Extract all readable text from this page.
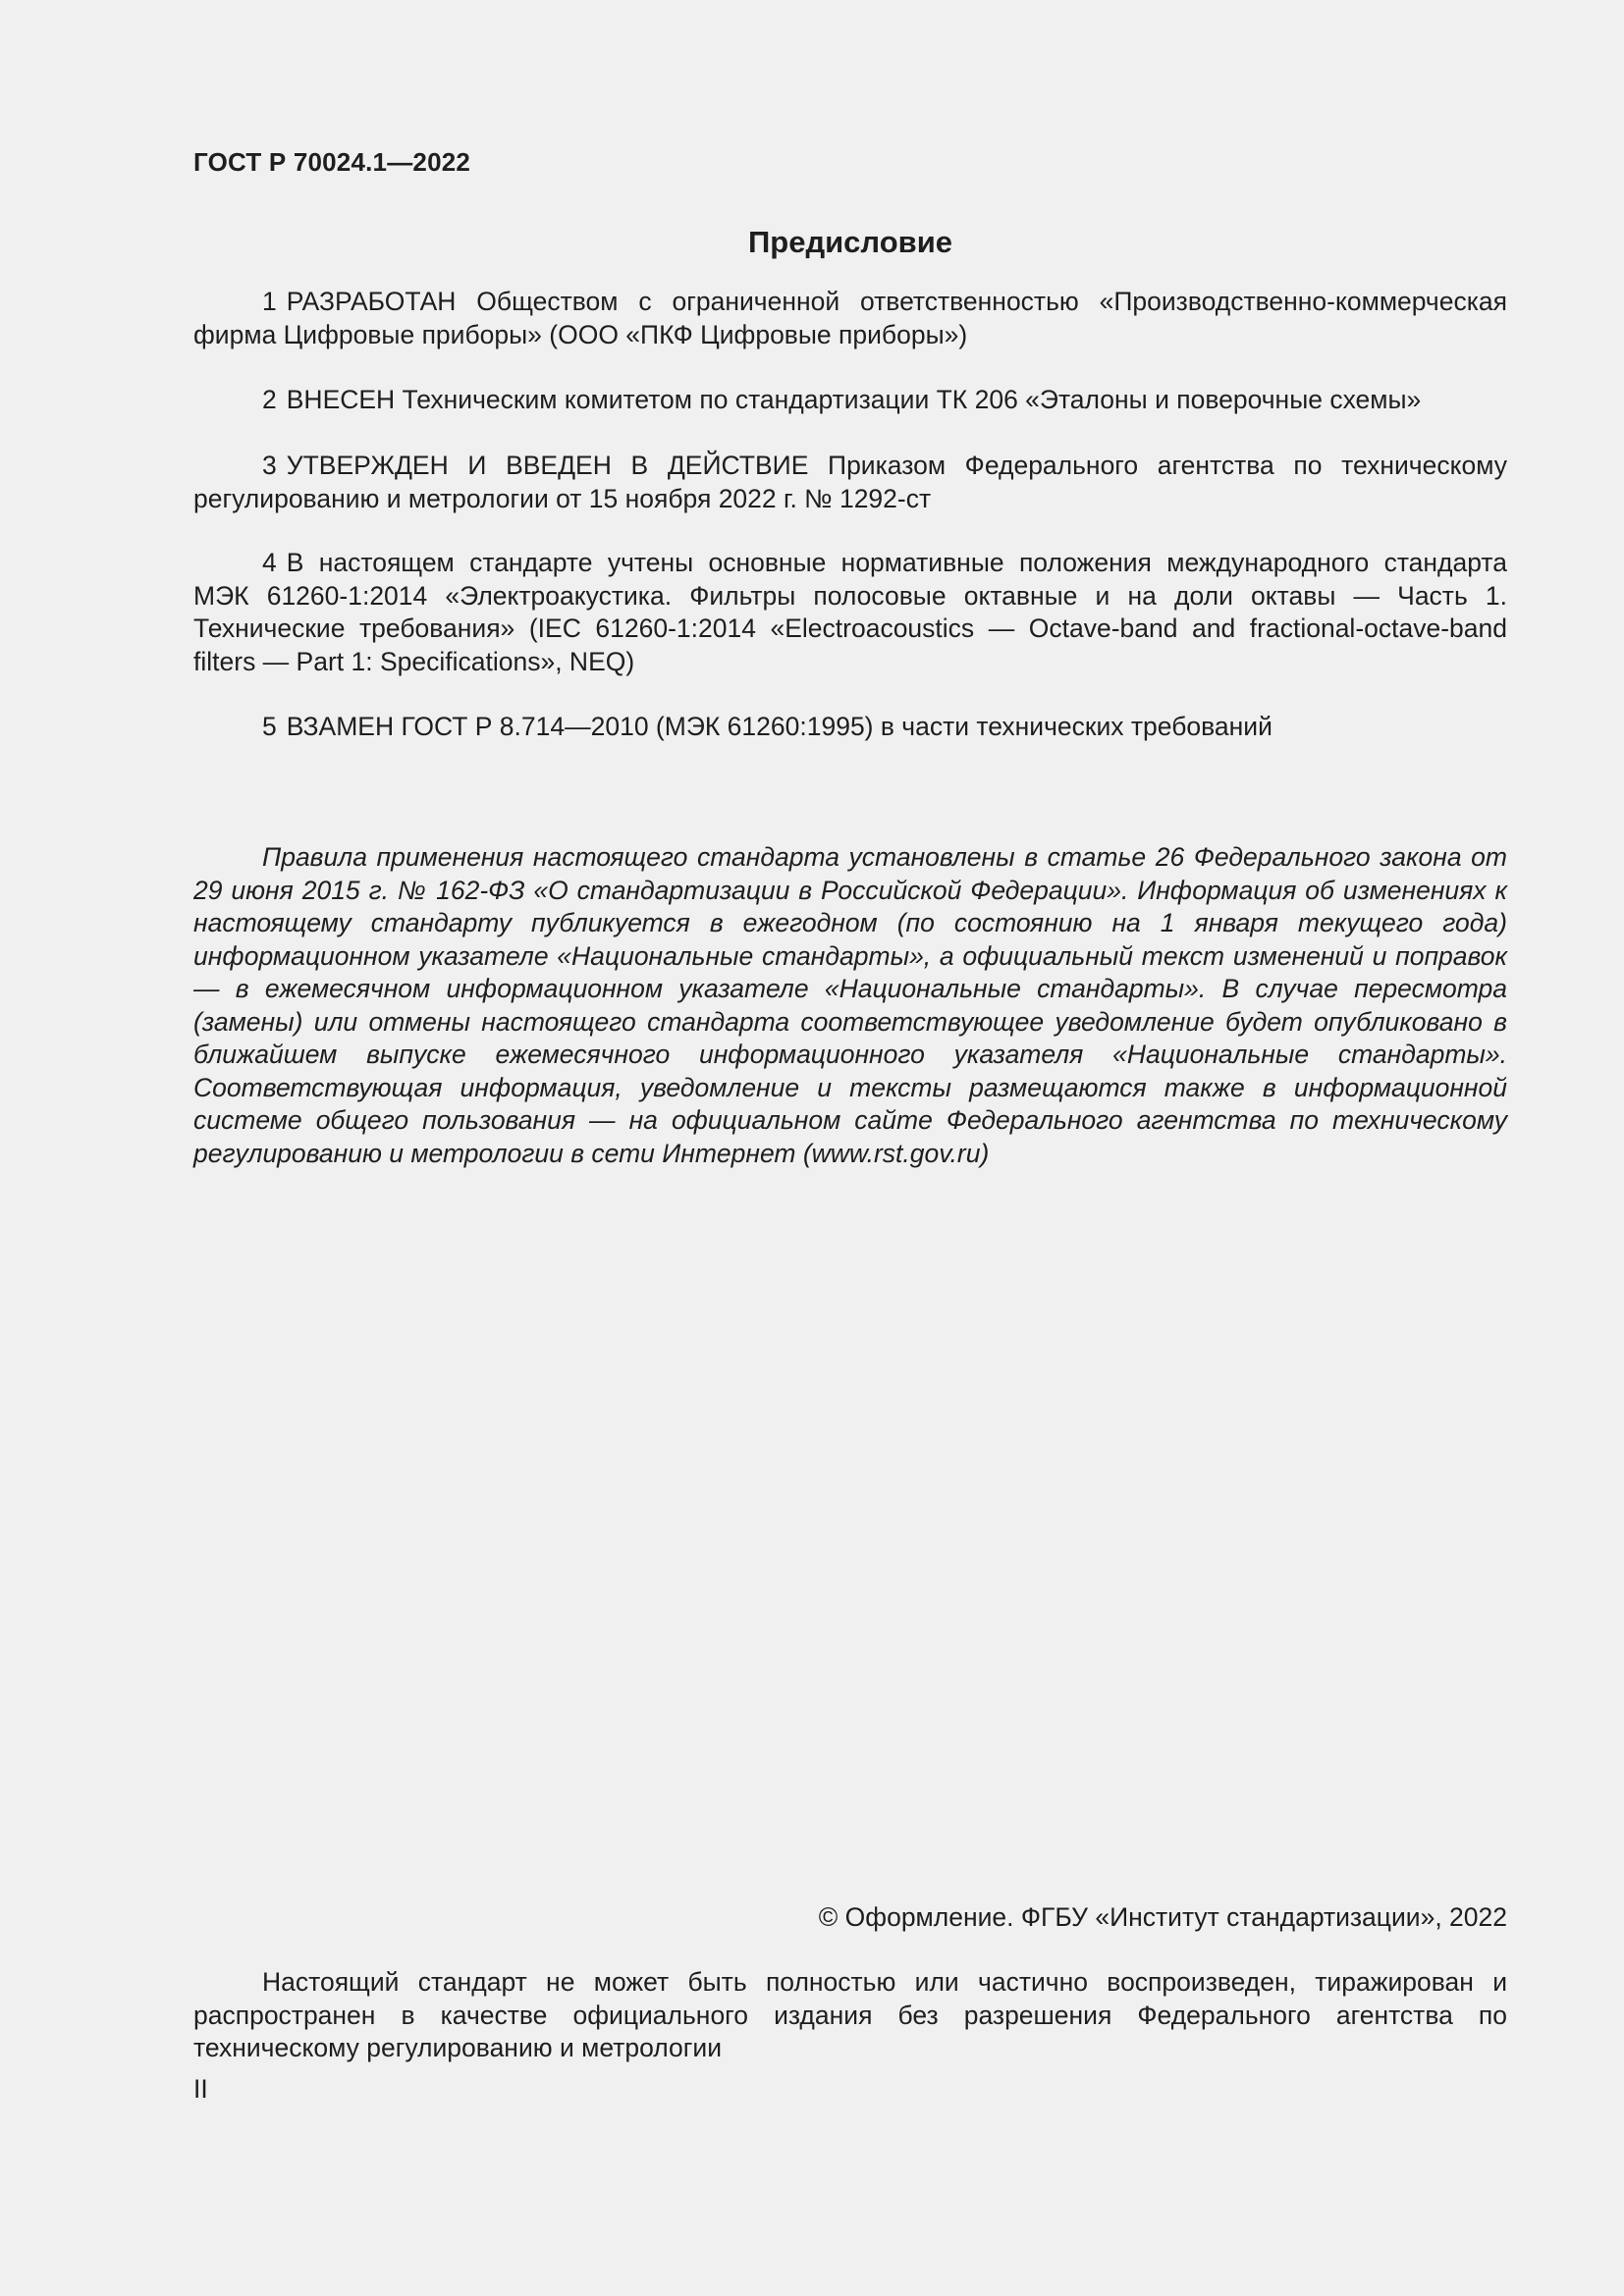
ГОСТ Р 70024.1—2022
Предисловие

1 РАЗРАБОТАН Обществом с ограниченной ответственностью «Производственно-коммерческая фирма Цифровые приборы» (ООО «ПКФ Цифровые приборы»)

2 ВНЕСЕН Техническим комитетом по стандартизации ТК 206 «Эталоны и поверочные схемы»

3 УТВЕРЖДЕН И ВВЕДЕН В ДЕЙСТВИЕ Приказом Федерального агентства по техническому регулированию и метрологии от 15 ноября 2022 г. № 1292-ст

4 В настоящем стандарте учтены основные нормативные положения международного стандарта МЭК 61260-1:2014 «Электроакустика. Фильтры полосовые октавные и на доли октавы — Часть 1. Технические требования» (IEC 61260-1:2014 «Electroacoustics — Octave-band and fractional-octave-band filters — Part 1: Specifications», NEQ)

5 ВЗАМЕН ГОСТ Р 8.714—2010 (МЭК 61260:1995) в части технических требований

Правила применения настоящего стандарта установлены в статье 26 Федерального закона от 29 июня 2015 г. № 162-ФЗ «О стандартизации в Российской Федерации». Информация об изменениях к настоящему стандарту публикуется в ежегодном (по состоянию на 1 января текущего года) информационном указателе «Национальные стандарты», а официальный текст изменений и поправок — в ежемесячном информационном указателе «Национальные стандарты». В случае пересмотра (замены) или отмены настоящего стандарта соответствующее уведомление будет опубликовано в ближайшем выпуске ежемесячного информационного указателя «Национальные стандарты». Соответствующая информация, уведомление и тексты размещаются также в информационной системе общего пользования — на официальном сайте Федерального агентства по техническому регулированию и метрологии в сети Интернет (www.rst.gov.ru)

© Оформление. ФГБУ «Институт стандартизации», 2022

Настоящий стандарт не может быть полностью или частично воспроизведен, тиражирован и распространен в качестве официального издания без разрешения Федерального агентства по техническому регулированию и метрологии

II
